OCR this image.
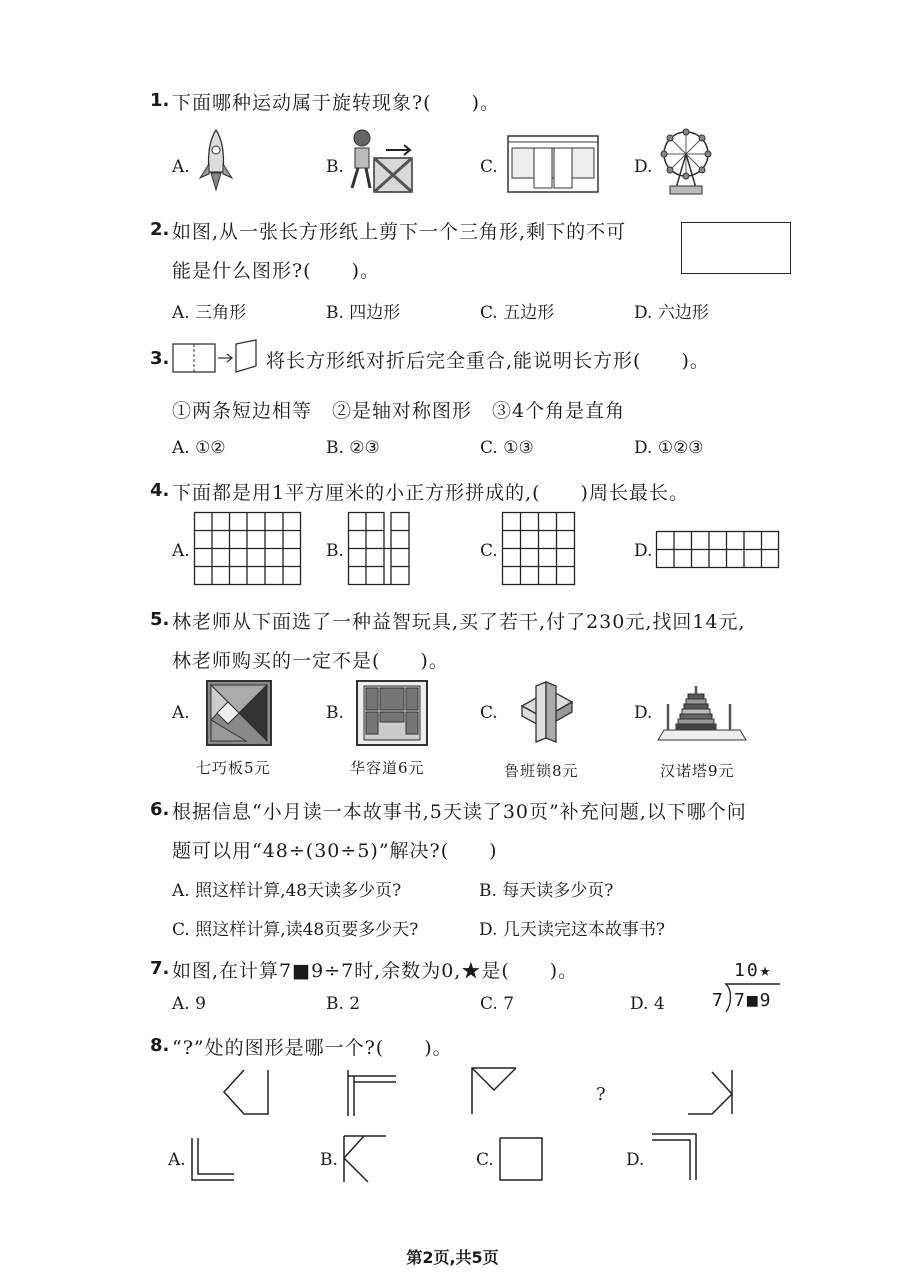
1. 下面哪种运动属于旋转现象?(　　)。
A.	B.	C.	D.
2. 如图,从一张长方形纸上剪下一个三角形,剩下的不可
能是什么图形?(　　)。
A. 三角形	B. 四边形	C. 五边形	D. 六边形
3.	将长方形纸对折后完全重合,能说明长方形(　　)。
①两条短边相等　②是轴对称图形　③4个角是直角
A. ①②	B. ②③	C. ①③	D. ①②③
4. 下面都是用1平方厘米的小正方形拼成的,(　　)周长最长。
A.	B.	C.	D.
5. 林老师从下面选了一种益智玩具,买了若干,付了230元,找回14元,
林老师购买的一定不是(　　)。
A.
七巧板5元
B.
华容道6元
C.
鲁班锁8元
D.
汉诺塔9元
6. 根据信息“小月读一本故事书,5天读了30页”补充问题,以下哪个问
题可以用“48÷(30÷5)”解决?(　　)
A. 照这样计算,48天读多少页?	B. 每天读多少页?
C. 照这样计算,读48页要多少天?	D. 几天读完这本故事书?
7. 如图,在计算7■9÷7时,余数为0,★是(　　)。
A. 9	B. 2	C. 7	D. 4
10★
7 7■9
8. “?”处的图形是哪一个?(　　)。
?
A.	B.	C.	D.
第2页,共5页
